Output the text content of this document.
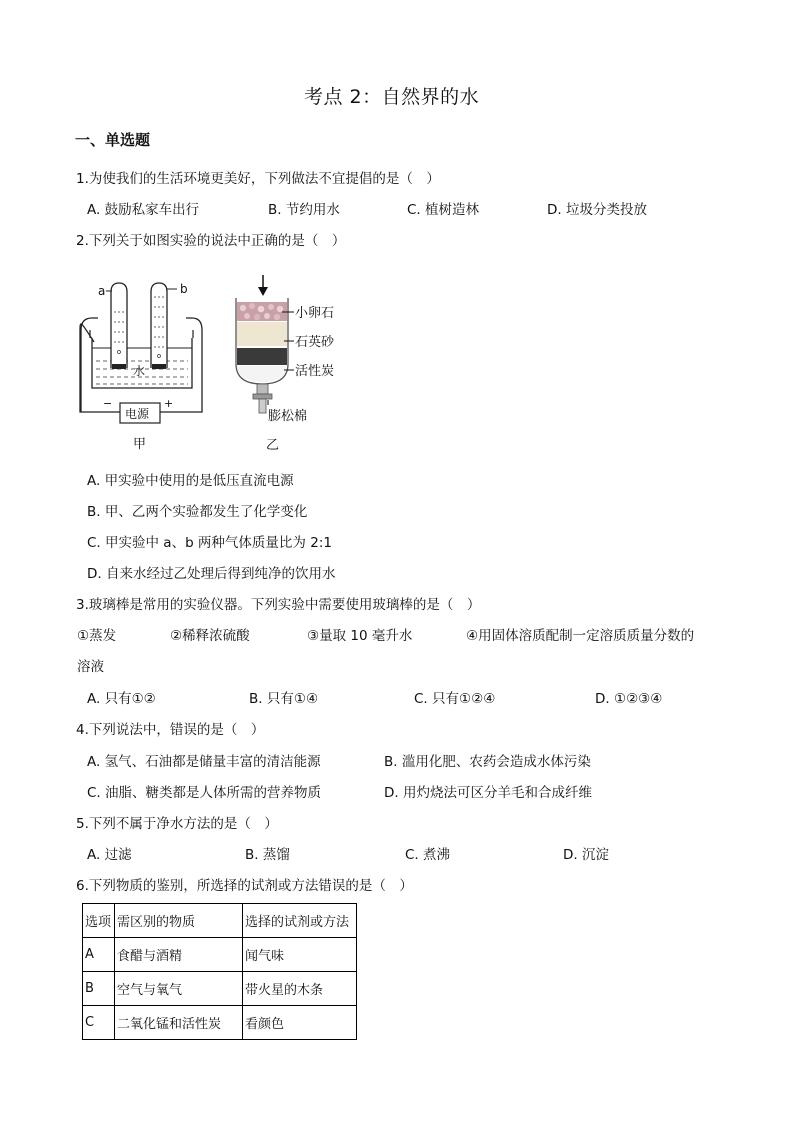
考点 2：自然界的水
一、单选题
1.为使我们的生活环境更美好，下列做法不宜提倡的是（　）
A. 鼓励私家车出行	B. 节约用水	C. 植树造林	D. 垃圾分类投放
2.下列关于如图实验的说法中正确的是（　）
a	b
水
电源
−	+
甲
小卵石
石英砂
活性炭
膨松棉
乙
A. 甲实验中使用的是低压直流电源
B. 甲、乙两个实验都发生了化学变化
C. 甲实验中 a、b 两种气体质量比为 2:1
D. 自来水经过乙处理后得到纯净的饮用水
3.玻璃棒是常用的实验仪器。下列实验中需要使用玻璃棒的是（　）
①蒸发	②稀释浓硫酸	③量取 10 毫升水	④用固体溶质配制一定溶质质量分数的
溶液
A. 只有①②	B. 只有①④	C. 只有①②④	D. ①②③④
4.下列说法中，错误的是（　）
A. 氢气、石油都是储量丰富的清洁能源	B. 滥用化肥、农药会造成水体污染
C. 油脂、糖类都是人体所需的营养物质	D. 用灼烧法可区分羊毛和合成纤维
5.下列不属于净水方法的是（　）
A. 过滤	B. 蒸馏	C. 煮沸	D. 沉淀
6.下列物质的鉴别，所选择的试剂或方法错误的是（　）
选项	需区别的物质	选择的试剂或方法
A	食醋与酒精	闻气味
B	空气与氧气	带火星的木条
C	二氧化锰和活性炭	看颜色
